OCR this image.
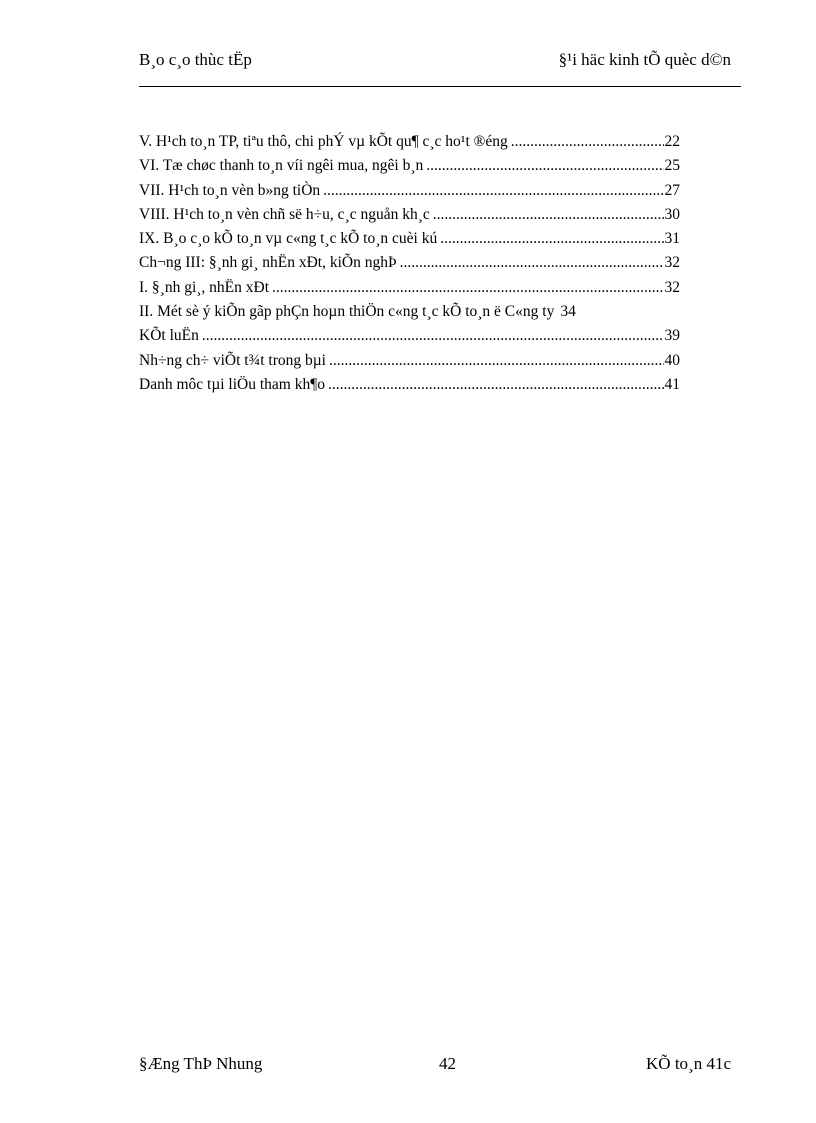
B¸o c¸o thùc tËp	§¹i häc kinh tÕ quèc d©n
V. H¹ch to¸n TP, tiªu thô, chi phÝ vµ kÕt qu¶ c¸c ho¹t ®éng .....	22
VI. Tæ chøc thanh to¸n víi ngêi mua, ngêi b¸n .....	25
VII. H¹ch to¸n vèn b»ng tiÒn .....	27
VIII. H¹ch to¸n vèn chñ së h÷u, c¸c nguån kh¸c .....	30
IX. B¸o c¸o kÕ to¸n vµ c«ng t¸c kÕ to¸n cuèi kú .....	31
Ch¬ng III: §¸nh gi¸ nhËn xÐt, kiÕn nghÞ .....	32
I. §¸nh gi¸, nhËn xÐt .....	32
II. Mét sè ý kiÕn gãp phÇn hoµn thiÖn c«ng t¸c kÕ to¸n ë C«ng ty 34
KÕt luËn .....	39
Nh÷ng ch÷ viÕt t¾t trong bµi .....	40
Danh môc tµi liÖu tham kh¶o .....	41
§Æng ThÞ Nhung	42	KÕ to¸n 41c
